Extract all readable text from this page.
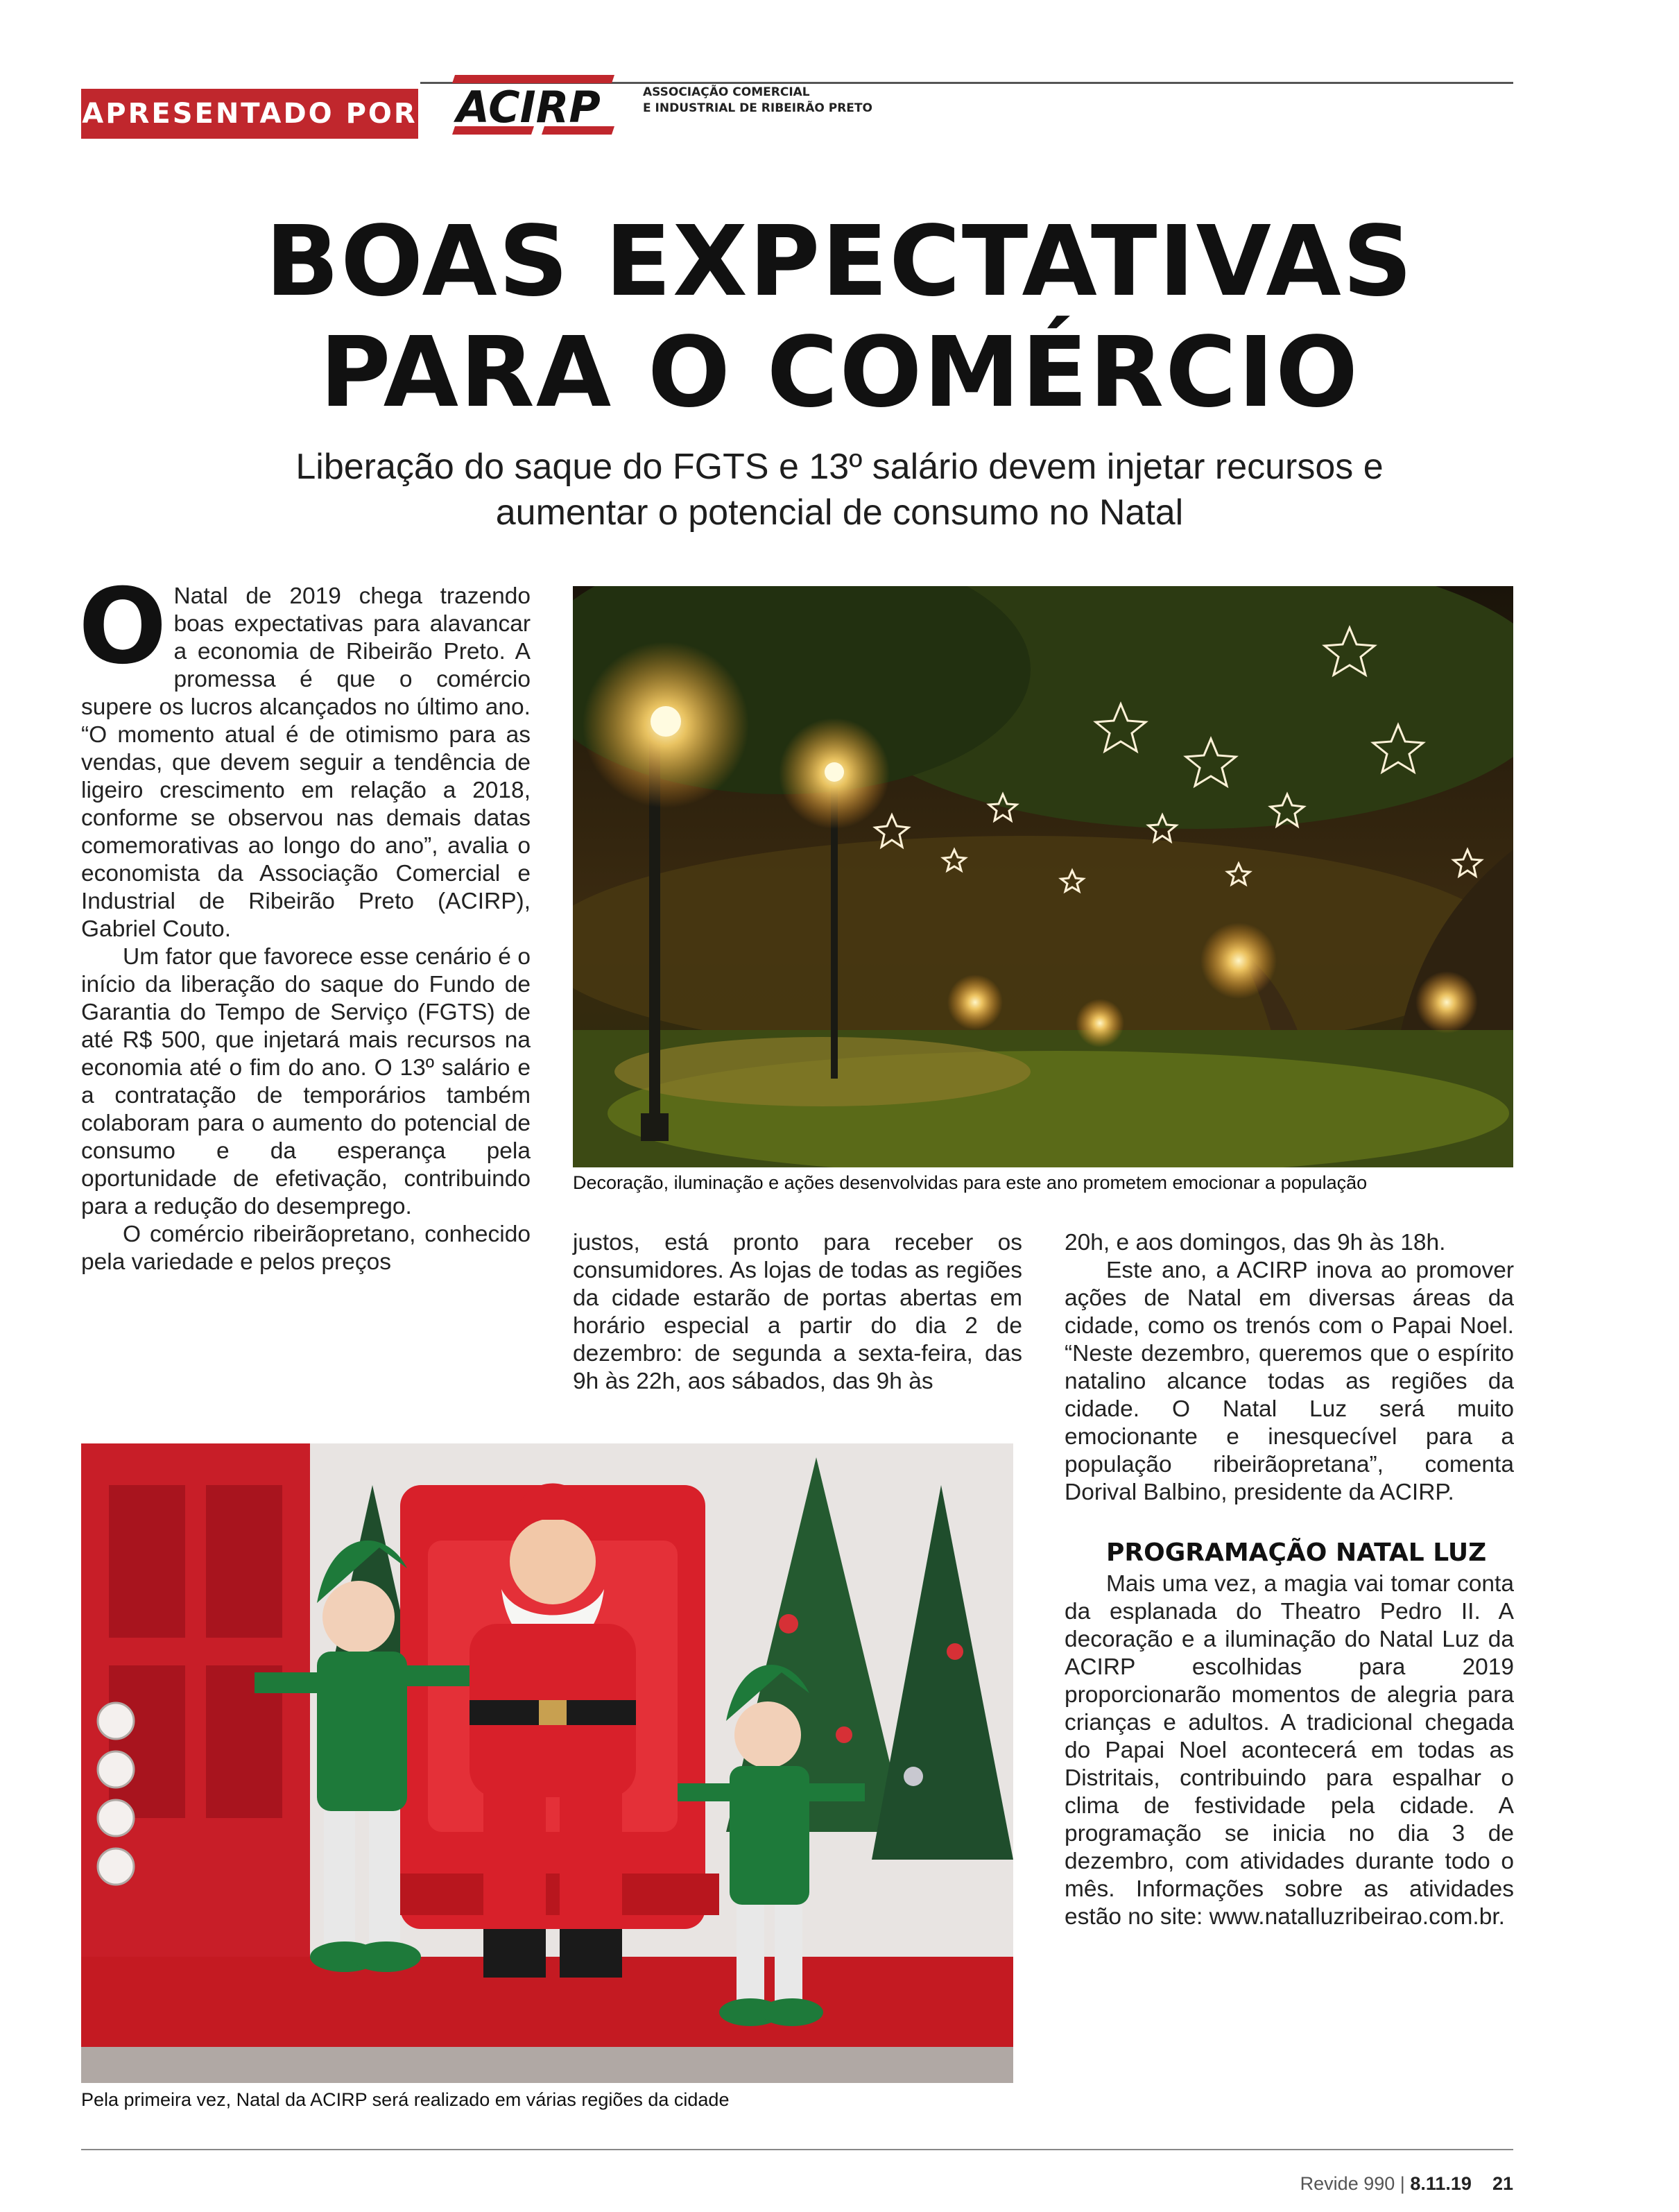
APRESENTADO POR ACIRP	ASSOCIAÇÃO COMERCIAL
E INDUSTRIAL DE RIBEIRÃO PRETO
BOAS EXPECTATIVAS
PARA O COMÉRCIO
Liberação do saque do FGTS e 13º salário devem injetar recursos e
aumentar o potencial de consumo no Natal
O Natal de 2019 chega trazendo boas expectativas para alavancar a economia de Ribeirão Preto. A promessa é que o comércio supere os lucros alcançados no último ano. “O momento atual é de otimismo para as vendas, que devem seguir a tendência de ligeiro crescimento em relação a 2018, conforme se observou nas demais datas comemorativas ao longo do ano”, avalia o economista da Associação Comercial e Industrial de Ribeirão Preto (ACIRP), Gabriel Couto.

Um fator que favorece esse cenário é o início da liberação do saque do Fundo de Garantia do Tempo de Serviço (FGTS) de até R$ 500, que injetará mais recursos na economia até o fim do ano. O 13º salário e a contratação de temporários também colaboram para o aumento do potencial de consumo e da esperança pela oportunidade de efetivação, contribuindo para a redução do desemprego.

O comércio ribeirãopretano, conhecido pela variedade e pelos preços

Decoração, iluminação e ações desenvolvidas para este ano prometem emocionar a população

justos, está pronto para receber os consumidores. As lojas de todas as regiões da cidade estarão de portas abertas em horário especial a partir do dia 2 de dezembro: de segunda a sexta-feira, das 9h às 22h, aos sábados, das 9h às

20h, e aos domingos, das 9h às 18h.

Este ano, a ACIRP inova ao promover ações de Natal em diversas áreas da cidade, como os trenós com o Papai Noel. “Neste dezembro, queremos que o espírito natalino alcance todas as regiões da cidade. O Natal Luz será muito emocionante e inesquecível para a população ribeirãopretana”, comenta Dorival Balbino, presidente da ACIRP.

PROGRAMAÇÃO NATAL LUZ

Mais uma vez, a magia vai tomar conta da esplanada do Theatro Pedro II. A decoração e a iluminação do Natal Luz da ACIRP escolhidas para 2019 proporcionarão momentos de alegria para crianças e adultos. A tradicional chegada do Papai Noel acontecerá em todas as Distritais, contribuindo para espalhar o clima de festividade pela cidade. A programação se inicia no dia 3 de dezembro, com atividades durante todo o mês. Informações sobre as atividades estão no site: www.natalluzribeirao.com.br.

Pela primeira vez, Natal da ACIRP será realizado em várias regiões da cidade
Revide 990 | 8.11.19 21
